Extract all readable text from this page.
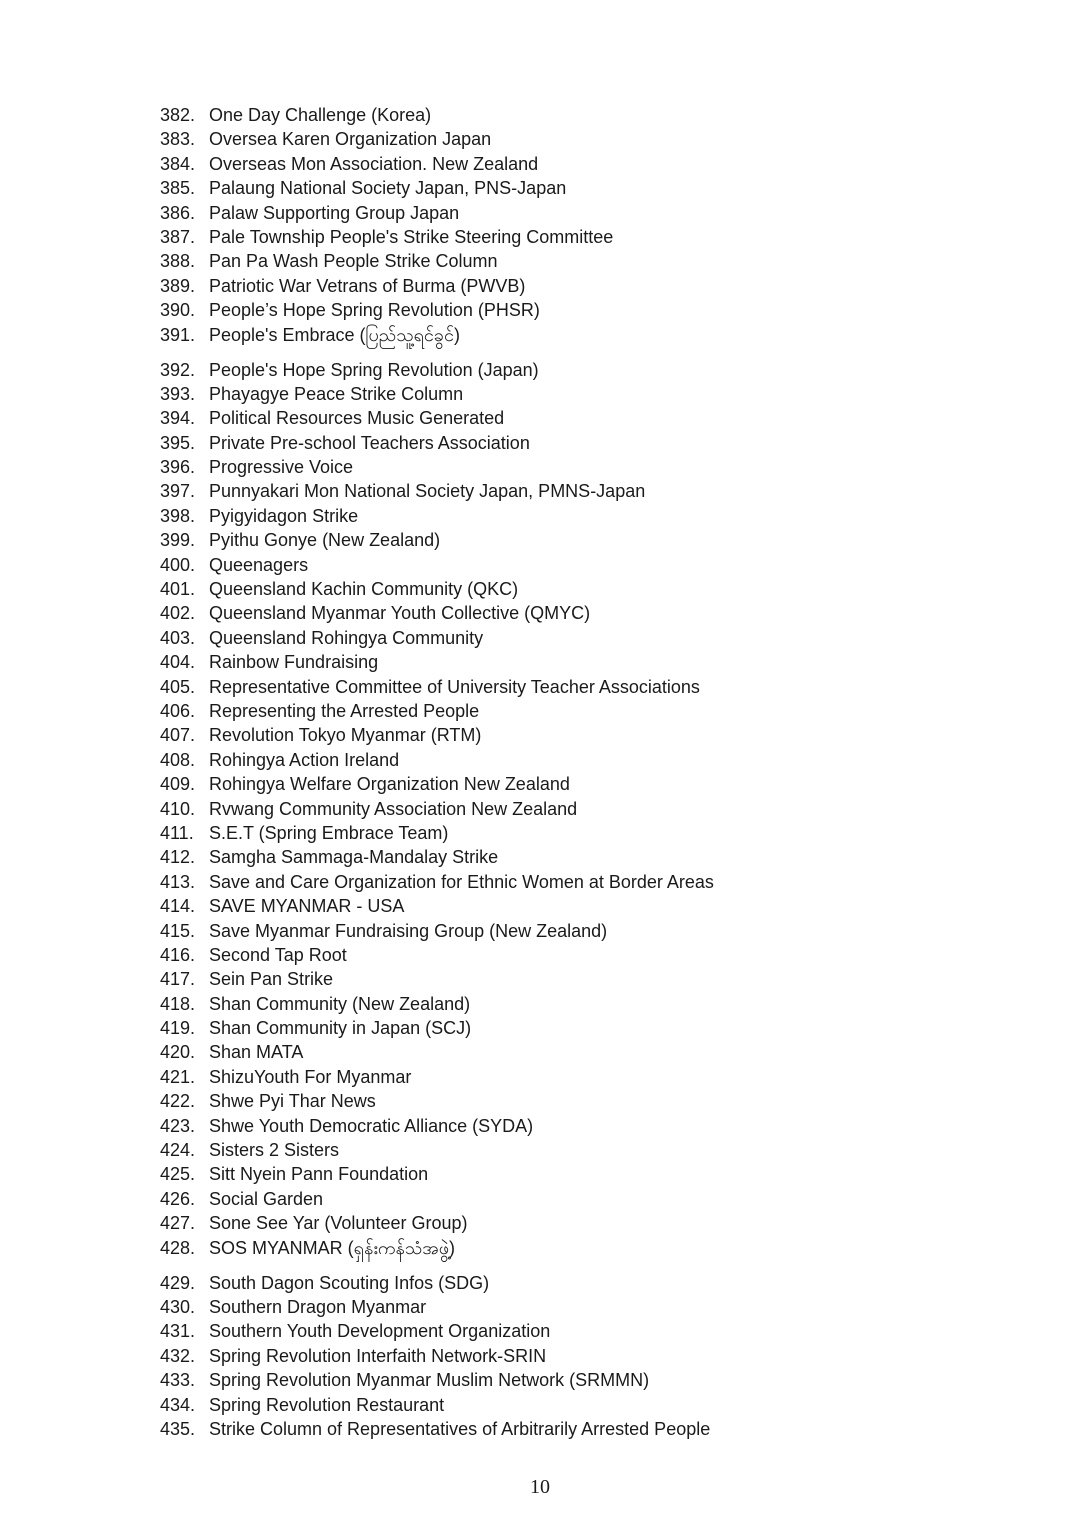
382. One Day Challenge (Korea)
383. Oversea Karen Organization Japan
384. Overseas Mon Association. New Zealand
385. Palaung National Society Japan, PNS-Japan
386. Palaw Supporting Group Japan
387. Pale Township People's Strike Steering Committee
388. Pan Pa Wash People Strike Column
389. Patriotic War Vetrans of Burma (PWVB)
390. People’s Hope Spring Revolution (PHSR)
391. People's Embrace (ပြည်သူ့ရင်ခွင်)
392. People's Hope Spring Revolution (Japan)
393. Phayagye Peace Strike Column
394. Political Resources Music Generated
395. Private Pre-school Teachers Association
396. Progressive Voice
397. Punnyakari Mon National Society Japan, PMNS-Japan
398. Pyigyidagon Strike
399. Pyithu Gonye (New Zealand)
400. Queenagers
401. Queensland Kachin Community (QKC)
402. Queensland Myanmar Youth Collective (QMYC)
403. Queensland Rohingya Community
404. Rainbow Fundraising
405. Representative Committee of University Teacher Associations
406. Representing the Arrested People
407. Revolution Tokyo Myanmar (RTM)
408. Rohingya Action Ireland
409. Rohingya Welfare Organization New Zealand
410. Rvwang Community Association New Zealand
411. S.E.T (Spring Embrace Team)
412. Samgha Sammaga-Mandalay Strike
413. Save and Care Organization for Ethnic Women at Border Areas
414. SAVE MYANMAR - USA
415. Save Myanmar Fundraising Group (New Zealand)
416. Second Tap Root
417. Sein Pan Strike
418. Shan Community (New Zealand)
419. Shan Community in Japan (SCJ)
420. Shan MATA
421. ShizuYouth For Myanmar
422. Shwe Pyi Thar News
423. Shwe Youth Democratic Alliance (SYDA)
424. Sisters 2 Sisters
425. Sitt Nyein Pann Foundation
426. Social Garden
427. Sone See Yar (Volunteer Group)
428. SOS MYANMAR (ရှန်းကန်သံအဖွဲ့)
429. South Dagon Scouting Infos (SDG)
430. Southern Dragon Myanmar
431. Southern Youth Development Organization
432. Spring Revolution Interfaith Network-SRIN
433. Spring Revolution Myanmar Muslim Network (SRMMN)
434. Spring Revolution Restaurant
435. Strike Column of Representatives of Arbitrarily Arrested People
10
